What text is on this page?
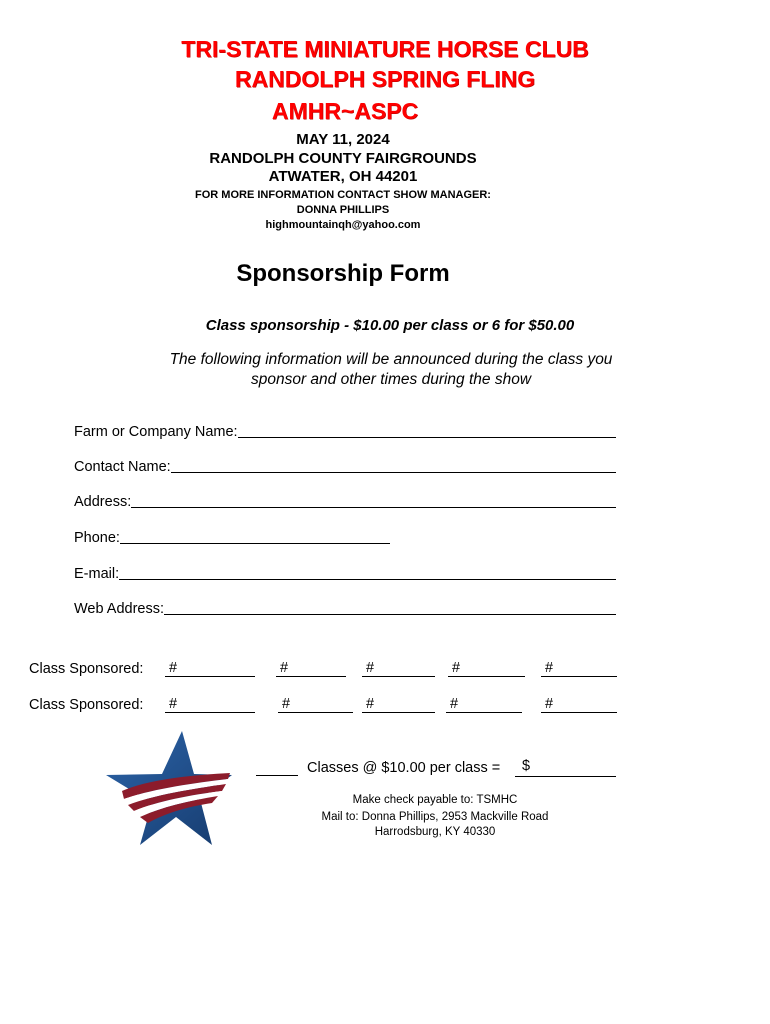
TRI-STATE MINIATURE HORSE CLUB
RANDOLPH SPRING FLING
AMHR~ASPC
MAY 11, 2024
RANDOLPH COUNTY FAIRGROUNDS
ATWATER, OH 44201
FOR MORE INFORMATION CONTACT SHOW MANAGER:
DONNA PHILLIPS
highmountainqh@yahoo.com
Sponsorship Form
Class sponsorship - $10.00 per class or 6 for $50.00
The following information will be announced during the class you
sponsor and other times during the show
Farm or Company Name:
Contact Name:
Address:
Phone:
E-mail:
Web Address:
Class Sponsored: #	#	#	#	#
Class Sponsored: #	#	#	#	#
Classes @ $10.00 per class =	$
Make check payable to: TSMHC
Mail to: Donna Phillips, 2953 Mackville Road
Harrodsburg, KY 40330
